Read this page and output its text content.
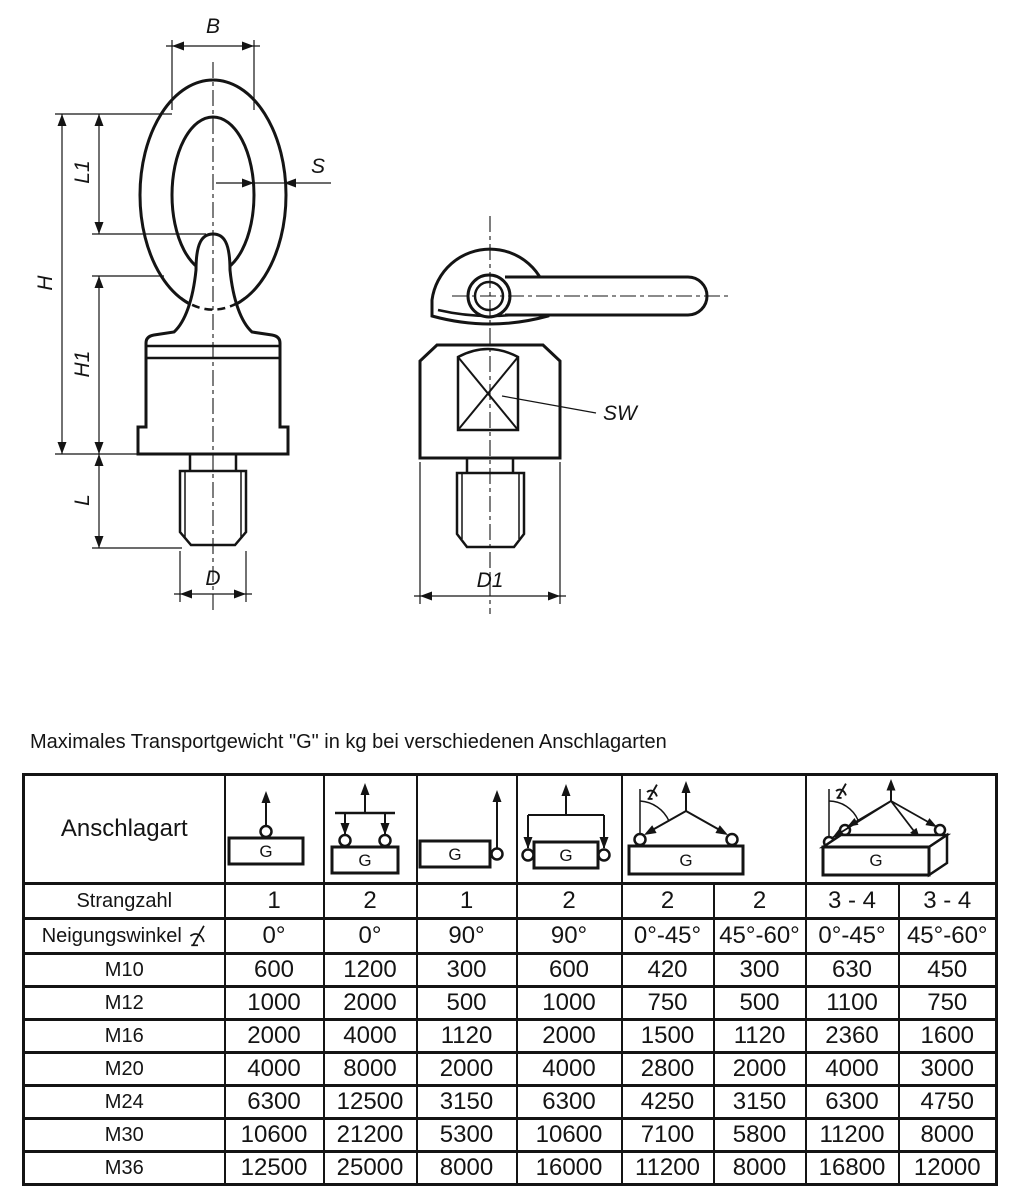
B
H
L1
H1
L
S
D
SW
D1
Maximales Transportgewicht "G" in kg bei verschiedenen Anschlagarten
Anschlagart	G	G	G	G	G		G	

Strangzahl	1	2	1	2	2	2	3 - 4	3 - 4

Neigungswinkel	0°	0°	90°	90°	0°-45°	45°-60°	0°-45°	45°-60°
M10	600	1200	300	600	420	300	630	450
M12	1000	2000	500	1000	750	500	1100	750
M16	2000	4000	1120	2000	1500	1120	2360	1600
M20	4000	8000	2000	4000	2800	2000	4000	3000
M24	6300	12500	3150	6300	4250	3150	6300	4750
M30	10600	21200	5300	10600	7100	5800	11200	8000
M36	12500	25000	8000	16000	11200	8000	16800	12000
